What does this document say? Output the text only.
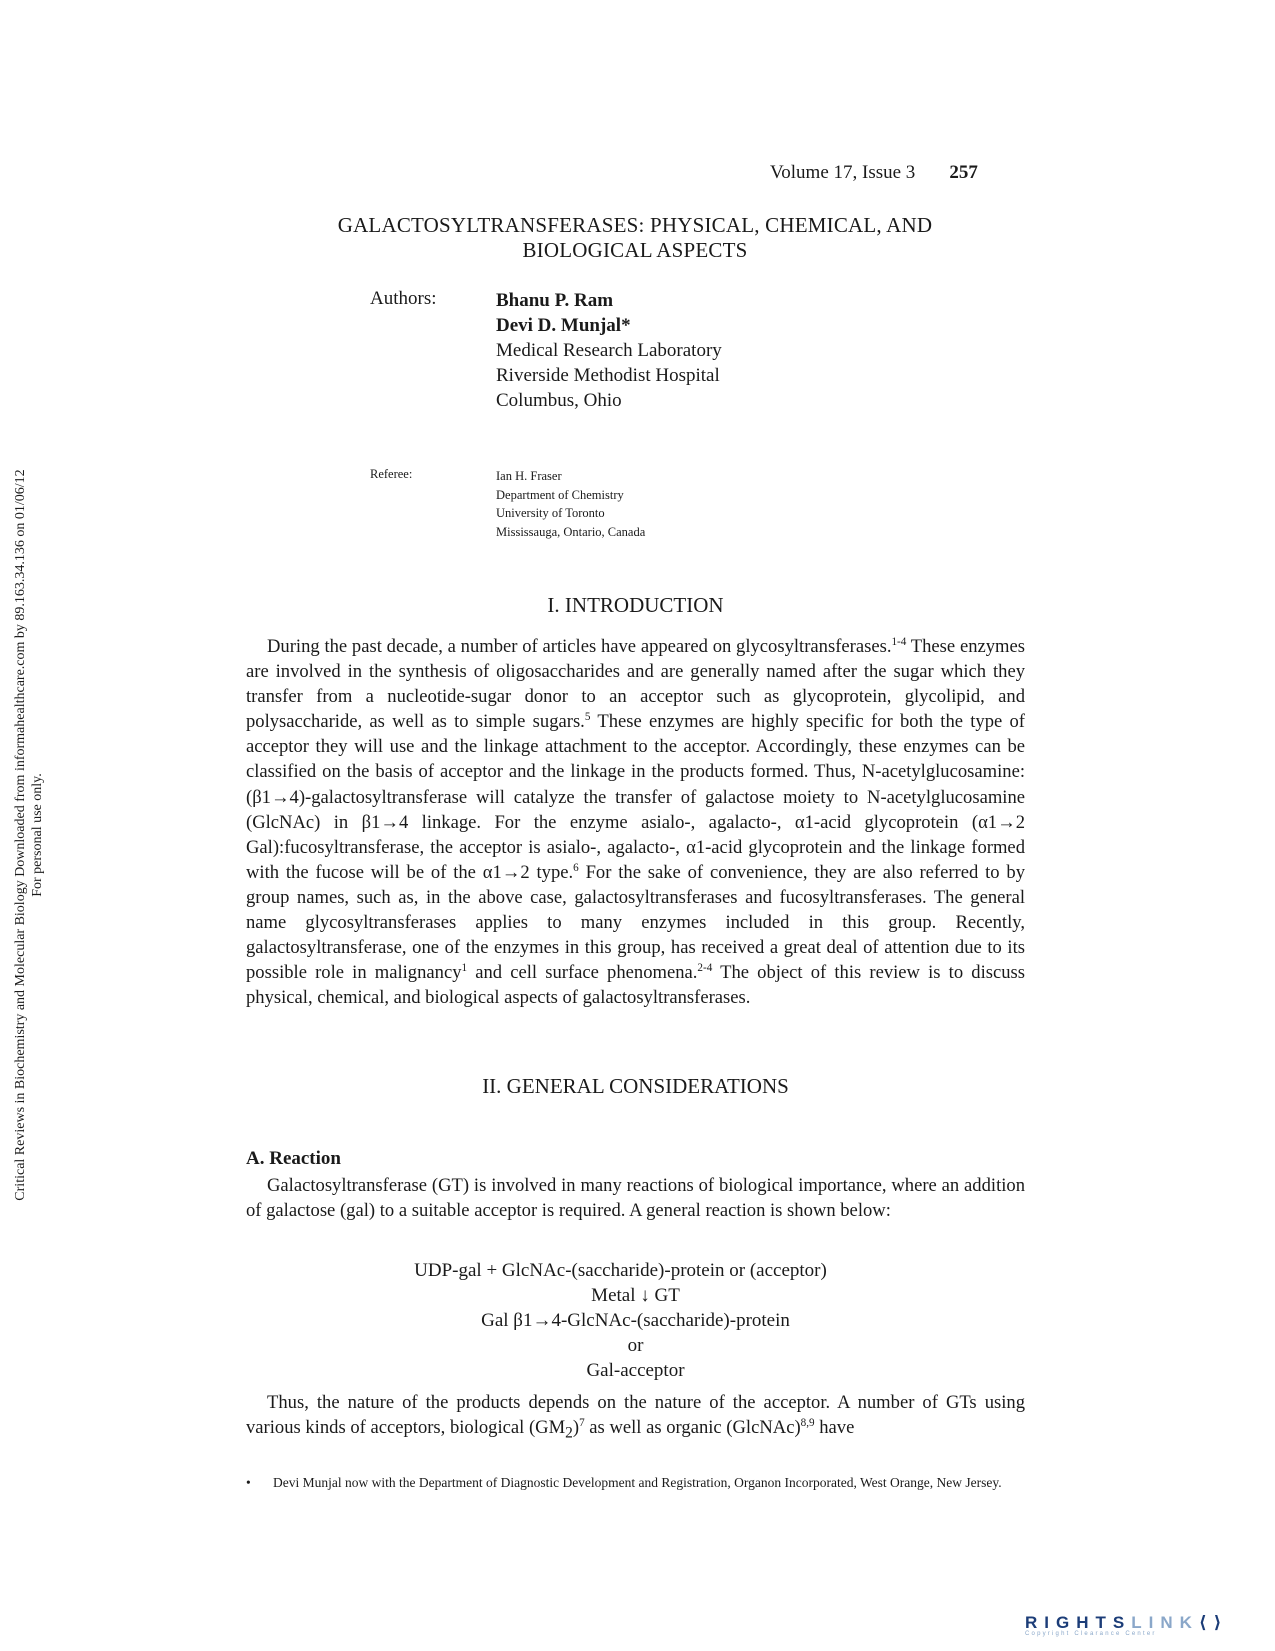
Volume 17, Issue 3 257
GALACTOSYLTRANSFERASES: PHYSICAL, CHEMICAL, AND
BIOLOGICAL ASPECTS
Authors:	Bhanu P. Ram
Devi D. Munjal*
Medical Research Laboratory
Riverside Methodist Hospital
Columbus, Ohio
Referee:	Ian H. Fraser
Department of Chemistry
University of Toronto
Mississauga, Ontario, Canada
I. INTRODUCTION

During the past decade, a number of articles have appeared on glycosyltransferases.$^{1-4}$ These enzymes are involved in the synthesis of oligosaccharides and are generally named after the sugar which they transfer from a nucleotide-sugar donor to an acceptor such as glycoprotein, glycolipid, and polysaccharide, as well as to simple sugars.$^5$ These enzymes are highly specific for both the type of acceptor they will use and the linkage attachment to the acceptor. Accordingly, these enzymes can be classified on the basis of acceptor and the linkage in the products formed. Thus, N-acetylglucosamine: (β1→4)-galactosyltransferase will catalyze the transfer of galactose moiety to N-acetylglucosamine (GlcNAc) in β1→4 linkage. For the enzyme asialo-, agalacto-, α1-acid glycoprotein (α1→2 Gal):fucosyltransferase, the acceptor is asialo-, agalacto-, α1-acid glycoprotein and the linkage formed with the fucose will be of the α1→2 type.$^6$ For the sake of convenience, they are also referred to by group names, such as, in the above case, galactosyltransferases and fucosyltransferases. The general name glycosyltransferases applies to many enzymes included in this group. Recently, galactosyltransferase, one of the enzymes in this group, has received a great deal of attention due to its possible role in malignancy$^1$ and cell surface phenomena.$^{2-4}$ The object of this review is to discuss physical, chemical, and biological aspects of galactosyltransferases.

II. GENERAL CONSIDERATIONS
A. Reaction

Galactosyltransferase (GT) is involved in many reactions of biological importance, where an addition of galactose (gal) to a suitable acceptor is required. A general reaction is shown below:

UDP-gal + GlcNAc-(saccharide)-protein or (acceptor)
Metal ↓ GT
Gal β1→4-GlcNAc-(saccharide)-protein
or
Gal-acceptor

Thus, the nature of the products depends on the nature of the acceptor. A number of GTs using various kinds of acceptors, biological $(GM_2)^7$ as well as organic (GlcNAc)$^{8,9}$ have

• Devi Munjal now with the Department of Diagnostic Development and Registration, Organon Incorporated, West Orange, New Jersey.
Critical Reviews in Biochemistry and Molecular Biology Downloaded from informahealthcare.com by 89.163.34.136 on 01/06/12 For personal use only.
RIGHTSLINK⟨⟩
Copyright Clearance Center
